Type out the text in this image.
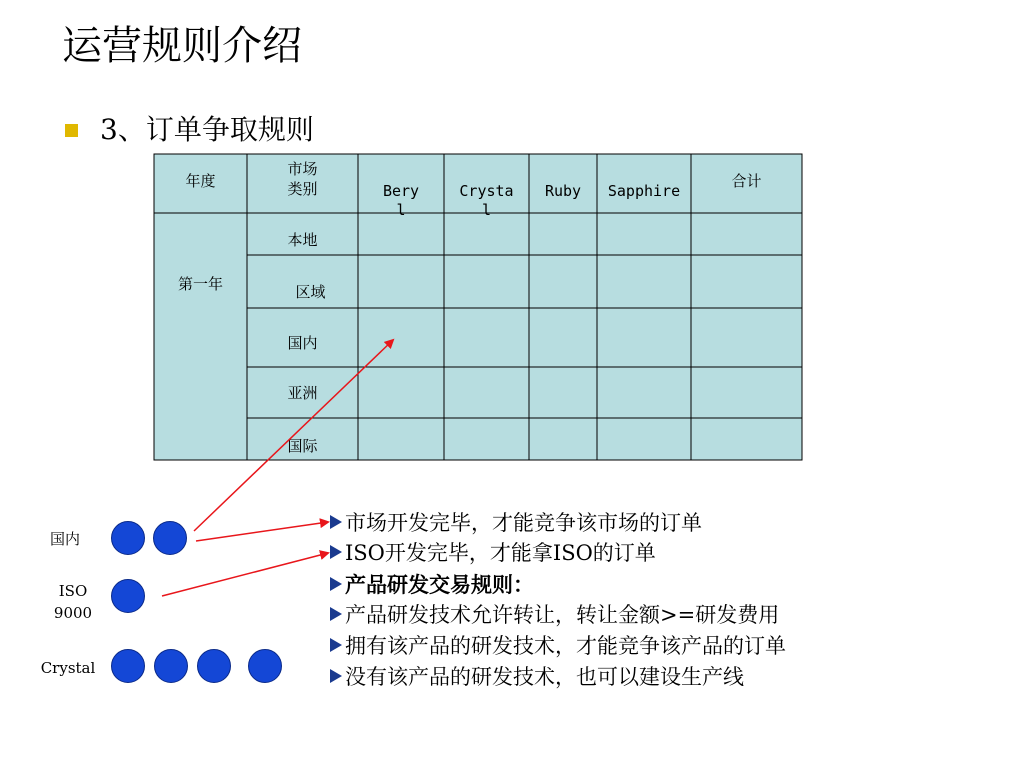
运营规则介绍
3、订单争取规则
年度
市场
类别	Bery
l
Crysta
l
Ruby	Sapphire
合计
第一年
本地
区域
国内
亚洲
国际
国内
ISO
9000
Crystal
市场开发完毕，才能竞争该市场的订单
ISO开发完毕，才能拿ISO的订单
产品研发交易规则：
产品研发技术允许转让，转让金额>=研发费用
拥有该产品的研发技术，才能竞争该产品的订单
没有该产品的研发技术，也可以建设生产线
